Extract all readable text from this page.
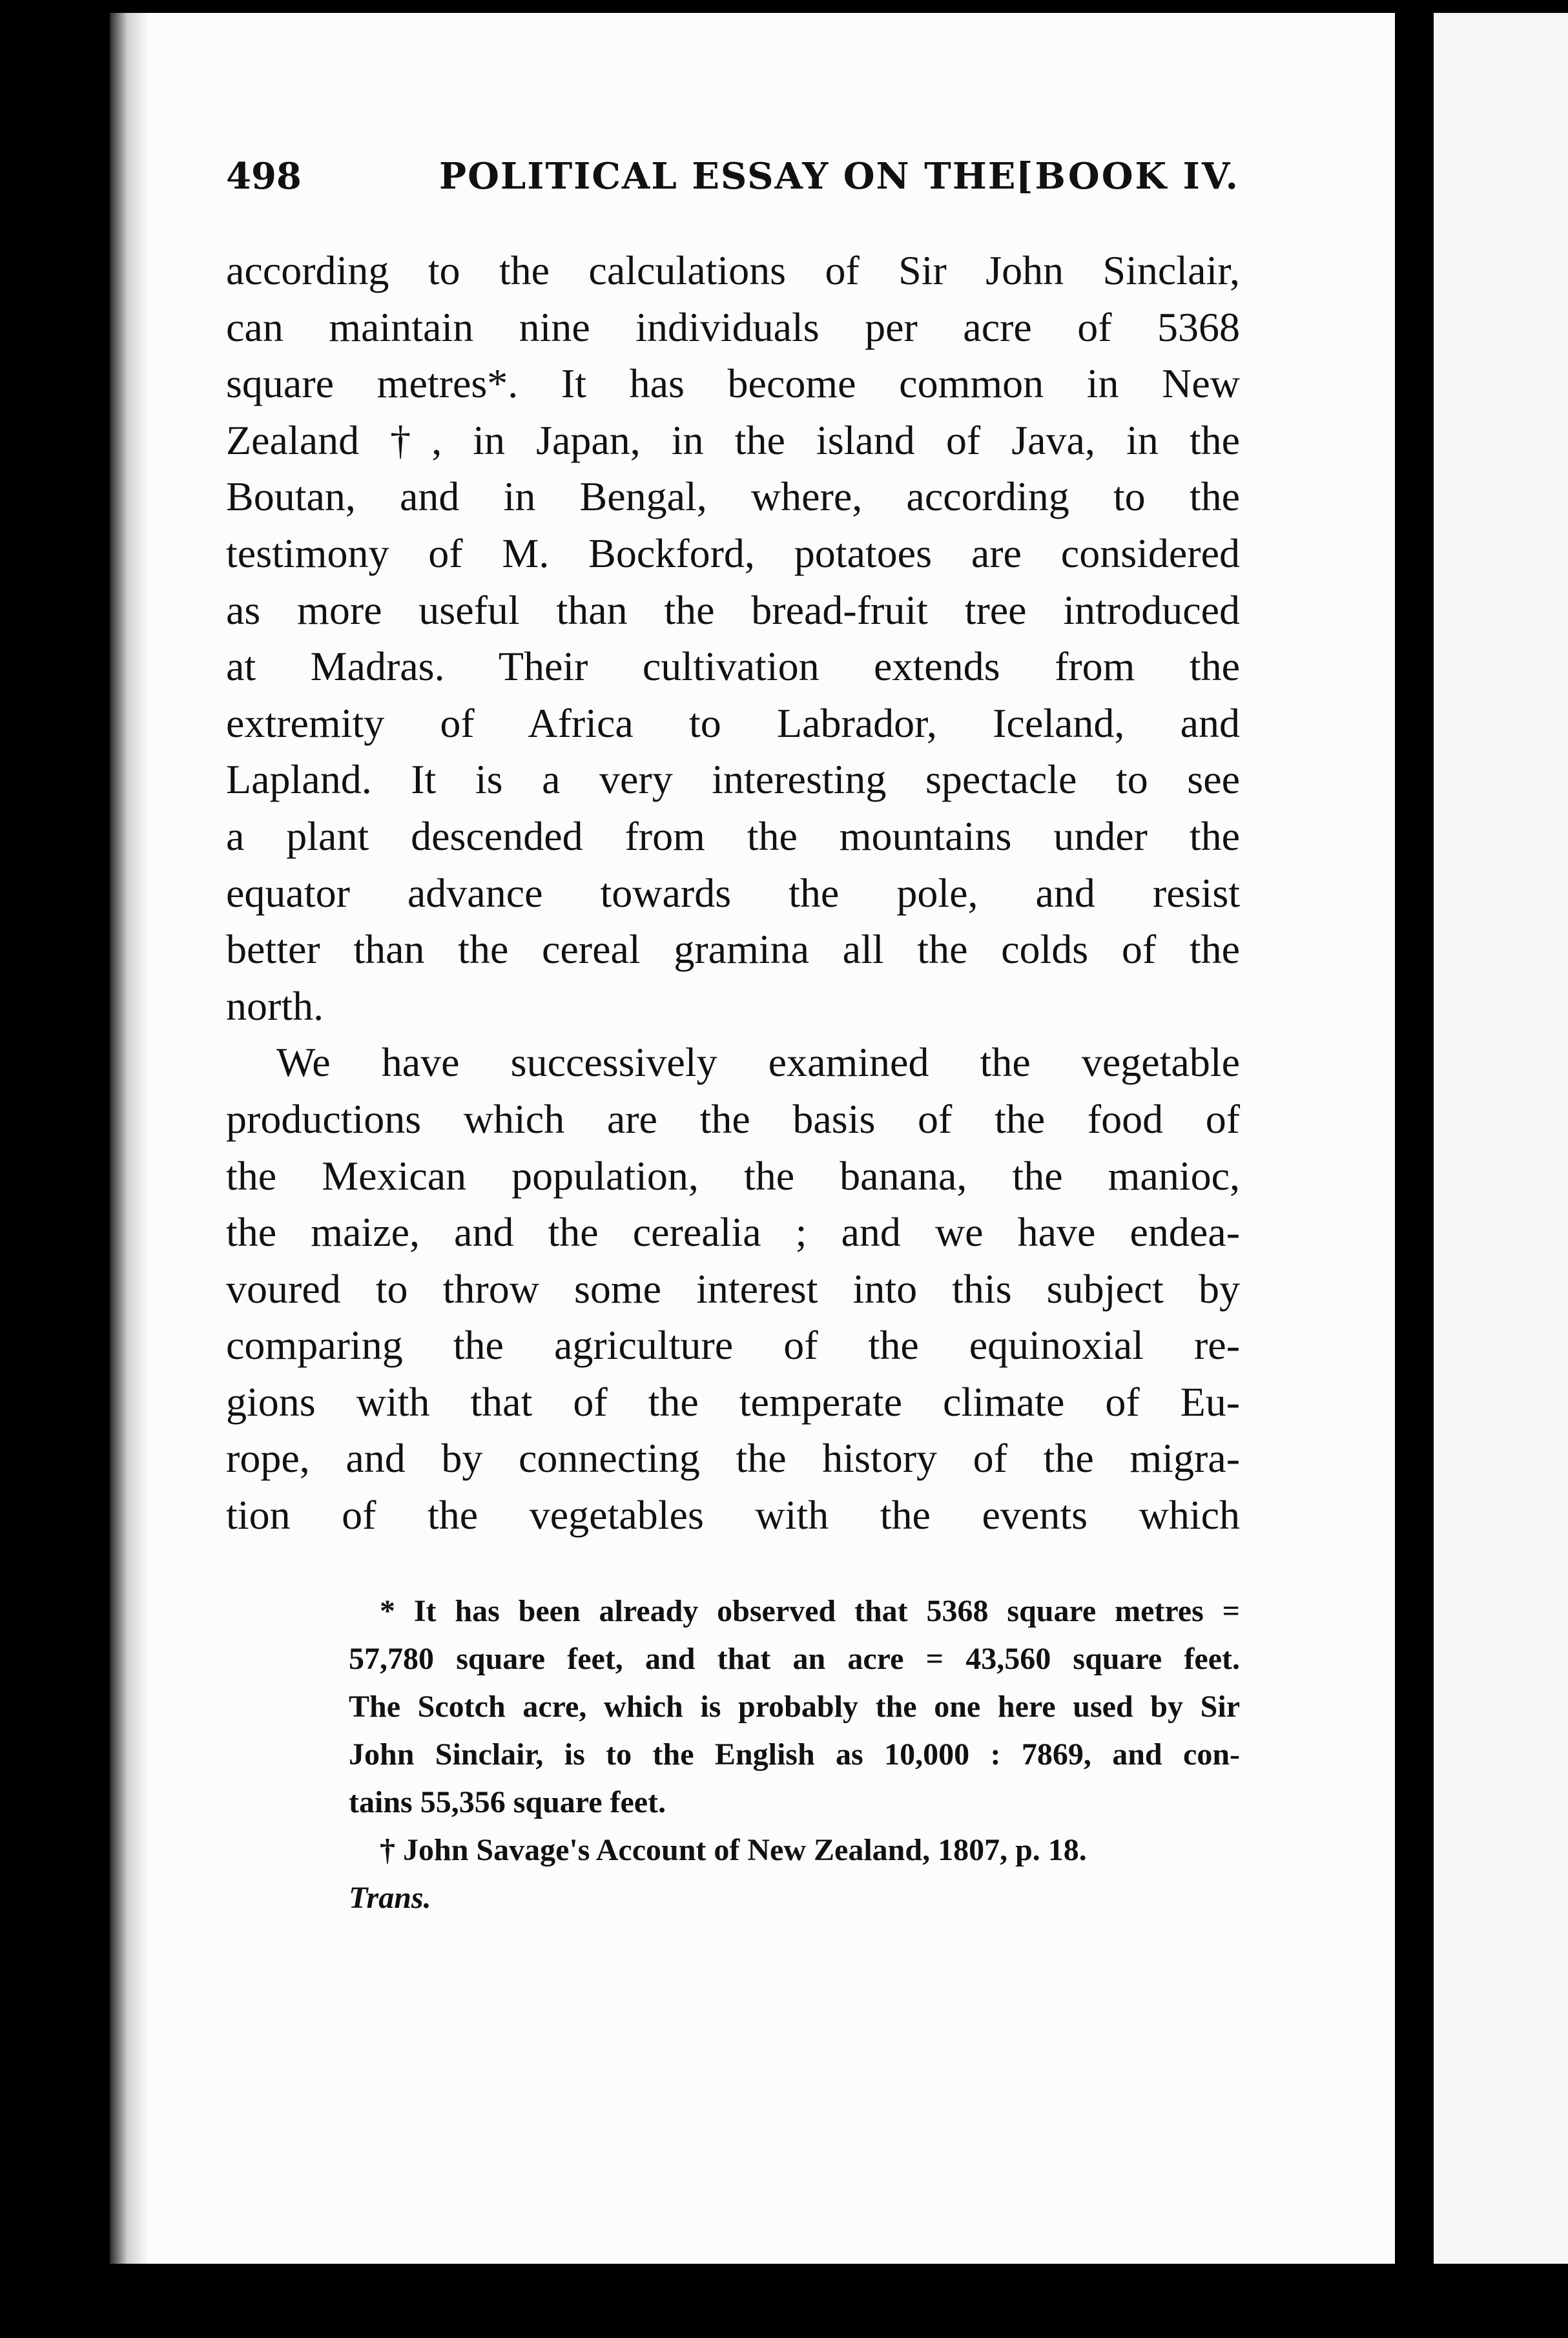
498	POLITICAL ESSAY ON THE
[BOOK IV.
according to the calculations of Sir John Sinclair,
can maintain nine individuals per acre of 5368
square metres*. It has become common in New
Zealand †, in Japan, in the island of Java, in the
Boutan, and in Bengal, where, according to the
testimony of M. Bockford, potatoes are considered
as more useful than the bread-fruit tree introduced
at Madras. Their cultivation extends from the
extremity of Africa to Labrador, Iceland, and
Lapland. It is a very interesting spectacle to see
a plant descended from the mountains under the
equator advance towards the pole, and resist
better than the cereal gramina all the colds of the
north.
We have successively examined the vegetable
productions which are the basis of the food of
the Mexican population, the banana, the manioc,
the maize, and the cerealia ; and we have endea-
voured to throw some interest into this subject by
comparing the agriculture of the equinoxial re-
gions with that of the temperate climate of Eu-
rope, and by connecting the history of the migra-
tion of the vegetables with the events which
* It has been already observed that 5368 square metres =
57,780 square feet, and that an acre = 43,560 square feet.
The Scotch acre, which is probably the one here used by Sir
John Sinclair, is to the English as 10,000 : 7869, and con-
tains 55,356 square feet.
† John Savage's Account of New Zealand, 1807, p. 18.
Trans.
